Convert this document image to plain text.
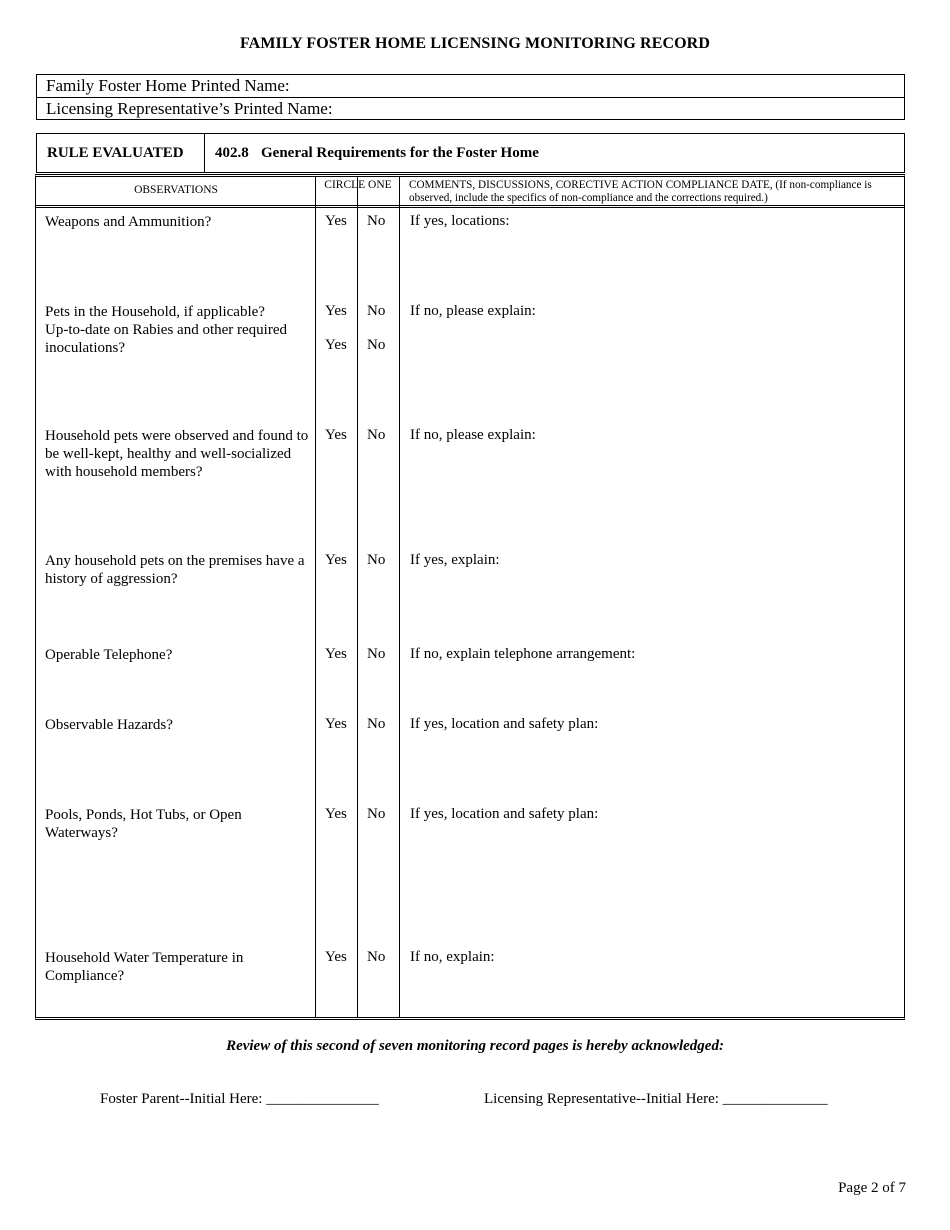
FAMILY FOSTER HOME LICENSING MONITORING RECORD
Family Foster Home Printed Name:
Licensing Representative’s Printed Name:
RULE EVALUATED	402.8 General Requirements for the Foster Home
OBSERVATIONS	CIRCLE ONE	COMMENTS, DISCUSSIONS, CORECTIVE ACTION COMPLIANCE DATE, (If non-compliance is observed, include the specifics of non-compliance and the corrections required.)
Weapons and Ammunition?	Yes No If yes, locations:
Pets in the Household, if applicable?	Yes No If no, please explain:
Up-to-date on Rabies and other required inoculations?	Yes No
Household pets were observed and found to be well-kept, healthy and well-socialized with household members?
Yes No If no, please explain:
Any household pets on the premises have a history of aggression?
Yes No If yes, explain:
Operable Telephone?	Yes No If no, explain telephone arrangement:
Observable Hazards?	Yes No If yes, location and safety plan:
Pools, Ponds, Hot Tubs, or Open Waterways?
Yes No If yes, location and safety plan:
Household Water Temperature in Compliance?
Yes No If no, explain:
Review of this second of seven monitoring record pages is hereby acknowledged:
Foster Parent--Initial Here: _______________	Licensing Representative--Initial Here: ______________
Page 2 of 7
